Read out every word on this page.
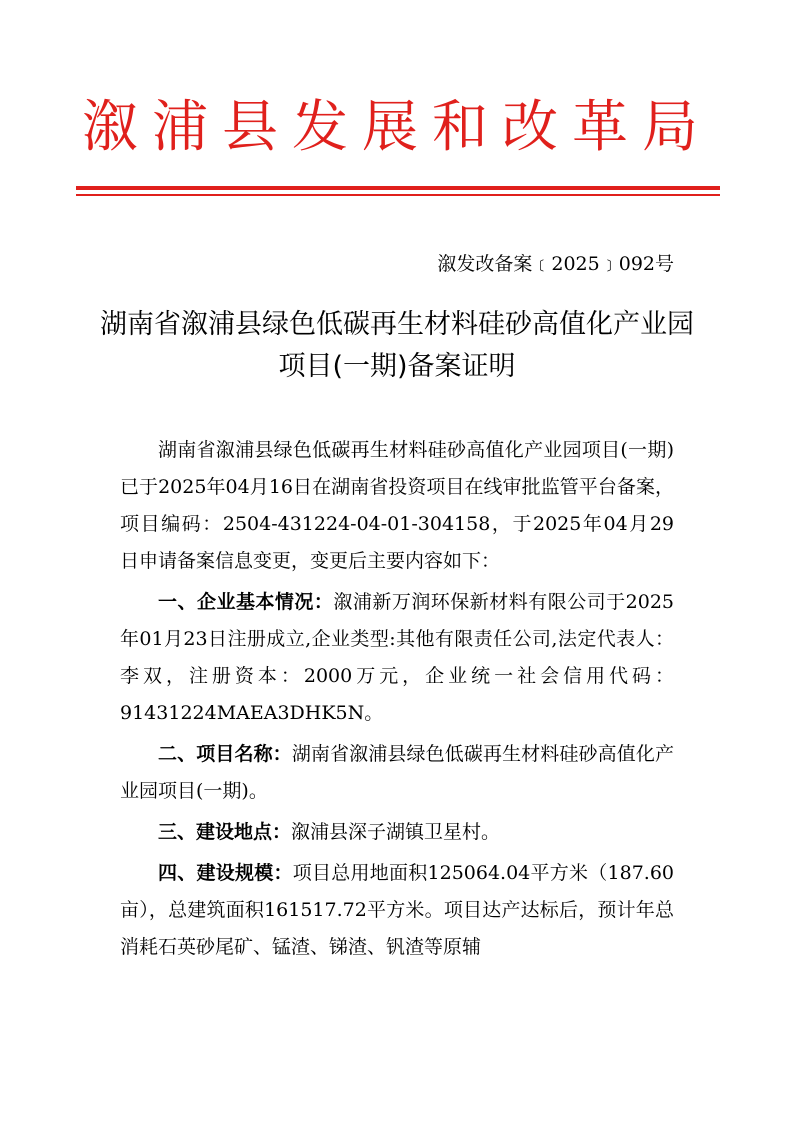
溆浦县发展和改革局
溆发改备案﹝2025﹞092号
湖南省溆浦县绿色低碳再生材料硅砂高值化产业园项目(一期)备案证明

湖南省溆浦县绿色低碳再生材料硅砂高值化产业园项目(一期)已于2025年04月16日在湖南省投资项目在线审批监管平台备案，项目编码：2504-431224-04-01-304158，于2025年04月29日申请备案信息变更，变更后主要内容如下：

一、企业基本情况：溆浦新万润环保新材料有限公司于2025年01月23日注册成立,企业类型:其他有限责任公司,法定代表人：李双，注册资本：2000万元，企业统一社会信用代码：91431224MAEA3DHK5N。

二、项目名称：湖南省溆浦县绿色低碳再生材料硅砂高值化产业园项目(一期)。

三、建设地点：溆浦县深子湖镇卫星村。

四、建设规模：项目总用地面积125064.04平方米（187.60亩），总建筑面积161517.72平方米。项目达产达标后，预计年总消耗石英砂尾矿、锰渣、锑渣、钒渣等原辅
